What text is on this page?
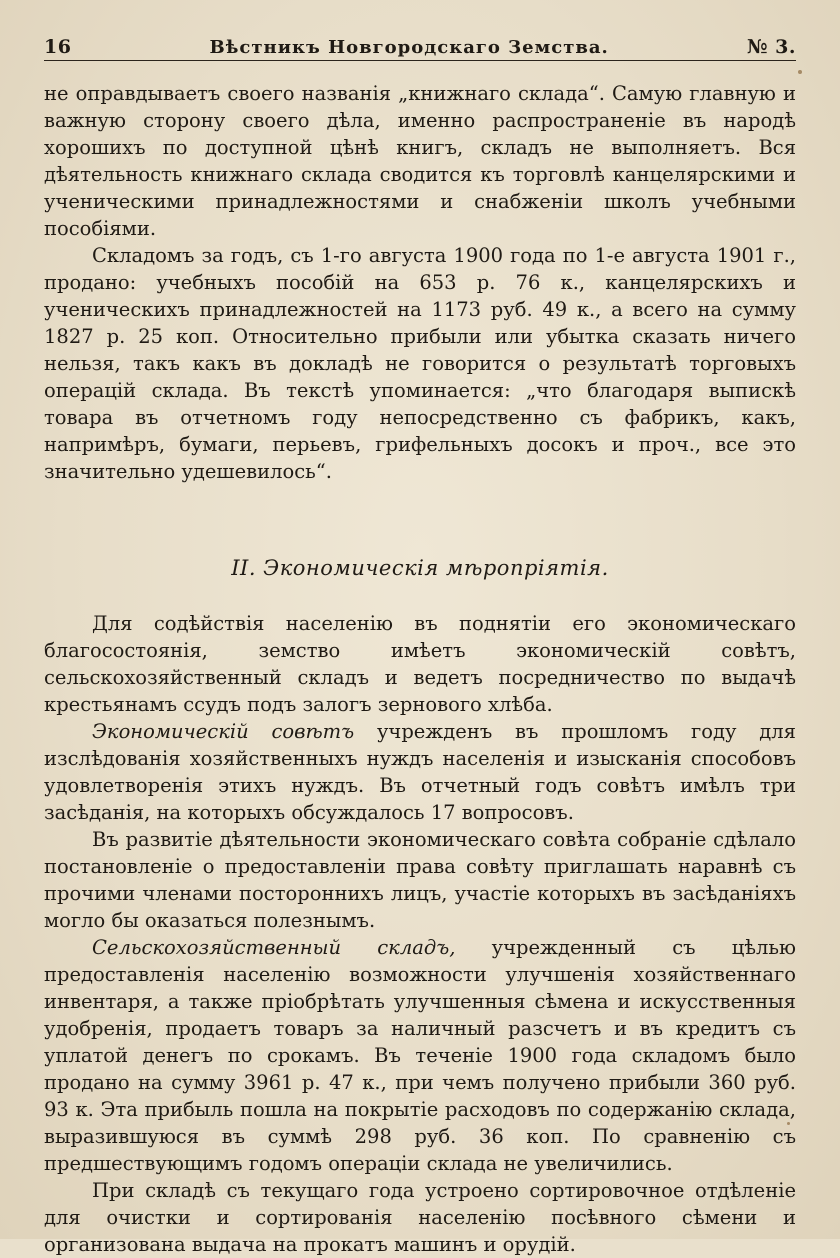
16	Вѣстникъ Новгородскаго Земства.	№ 3.

не оправдываетъ своего названія „книжнаго склада“. Самую главную и важную сторону своего дѣла, именно распространеніе въ народѣ хорошихъ по доступной цѣнѣ книгъ, складъ не выполняетъ. Вся дѣятельность книжнаго склада сводится къ торговлѣ канцелярскими и ученическими принадлежностями и снабженіи школъ учебными пособіями.

Складомъ за годъ, съ 1-го августа 1900 года по 1-е августа 1901 г., продано: учебныхъ пособій на 653 р. 76 к., канцелярскихъ и ученическихъ принадлежностей на 1173 руб. 49 к., а всего на сумму 1827 р. 25 коп. Относительно прибыли или убытка сказать ничего нельзя, такъ какъ въ докладѣ не говорится о результатѣ торговыхъ операцій склада. Въ текстѣ упоминается: „что благодаря выпискѣ товара въ отчетномъ году непосредственно съ фабрикъ, какъ, напримѣръ, бумаги, перьевъ, грифельныхъ досокъ и проч., все это значительно удешевилось“.

II. Экономическія мѣропріятія.

Для содѣйствія населенію въ поднятіи его экономическаго благосостоянія, земство имѣетъ экономическій совѣтъ, сельскохозяйственный складъ и ведетъ посредничество по выдачѣ крестьянамъ ссудъ подъ залогъ зернового хлѣба.

Экономическій совѣтъ учрежденъ въ прошломъ году для изслѣдованія хозяйственныхъ нуждъ населенія и изысканія способовъ удовлетворенія этихъ нуждъ. Въ отчетный годъ совѣтъ имѣлъ три засѣданія, на которыхъ обсуждалось 17 вопросовъ.

Въ развитіе дѣятельности экономическаго совѣта собраніе сдѣлало постановленіе о предоставленіи права совѣту приглашать наравнѣ съ прочими членами постороннихъ лицъ, участіе которыхъ въ засѣданіяхъ могло бы оказаться полезнымъ.

Сельскохозяйственный складъ, учрежденный съ цѣлью предоставленія населенію возможности улучшенія хозяйственнаго инвентаря, а также пріобрѣтать улучшенныя сѣмена и искусственныя удобренія, продаетъ товаръ за наличный разсчетъ и въ кредитъ съ уплатой денегъ по срокамъ. Въ теченіе 1900 года складомъ было продано на сумму 3961 р. 47 к., при чемъ получено прибыли 360 руб. 93 к. Эта прибыль пошла на покрытіе расходовъ по содержанію склада, выразившуюся въ суммѣ 298 руб. 36 коп. По сравненію съ предшествующимъ годомъ операціи склада не увеличились.

При складѣ съ текущаго года устроено сортировочное отдѣленіе для очистки и сортированія населенію посѣвного сѣмени и организована выдача на прокатъ машинъ и орудій.
